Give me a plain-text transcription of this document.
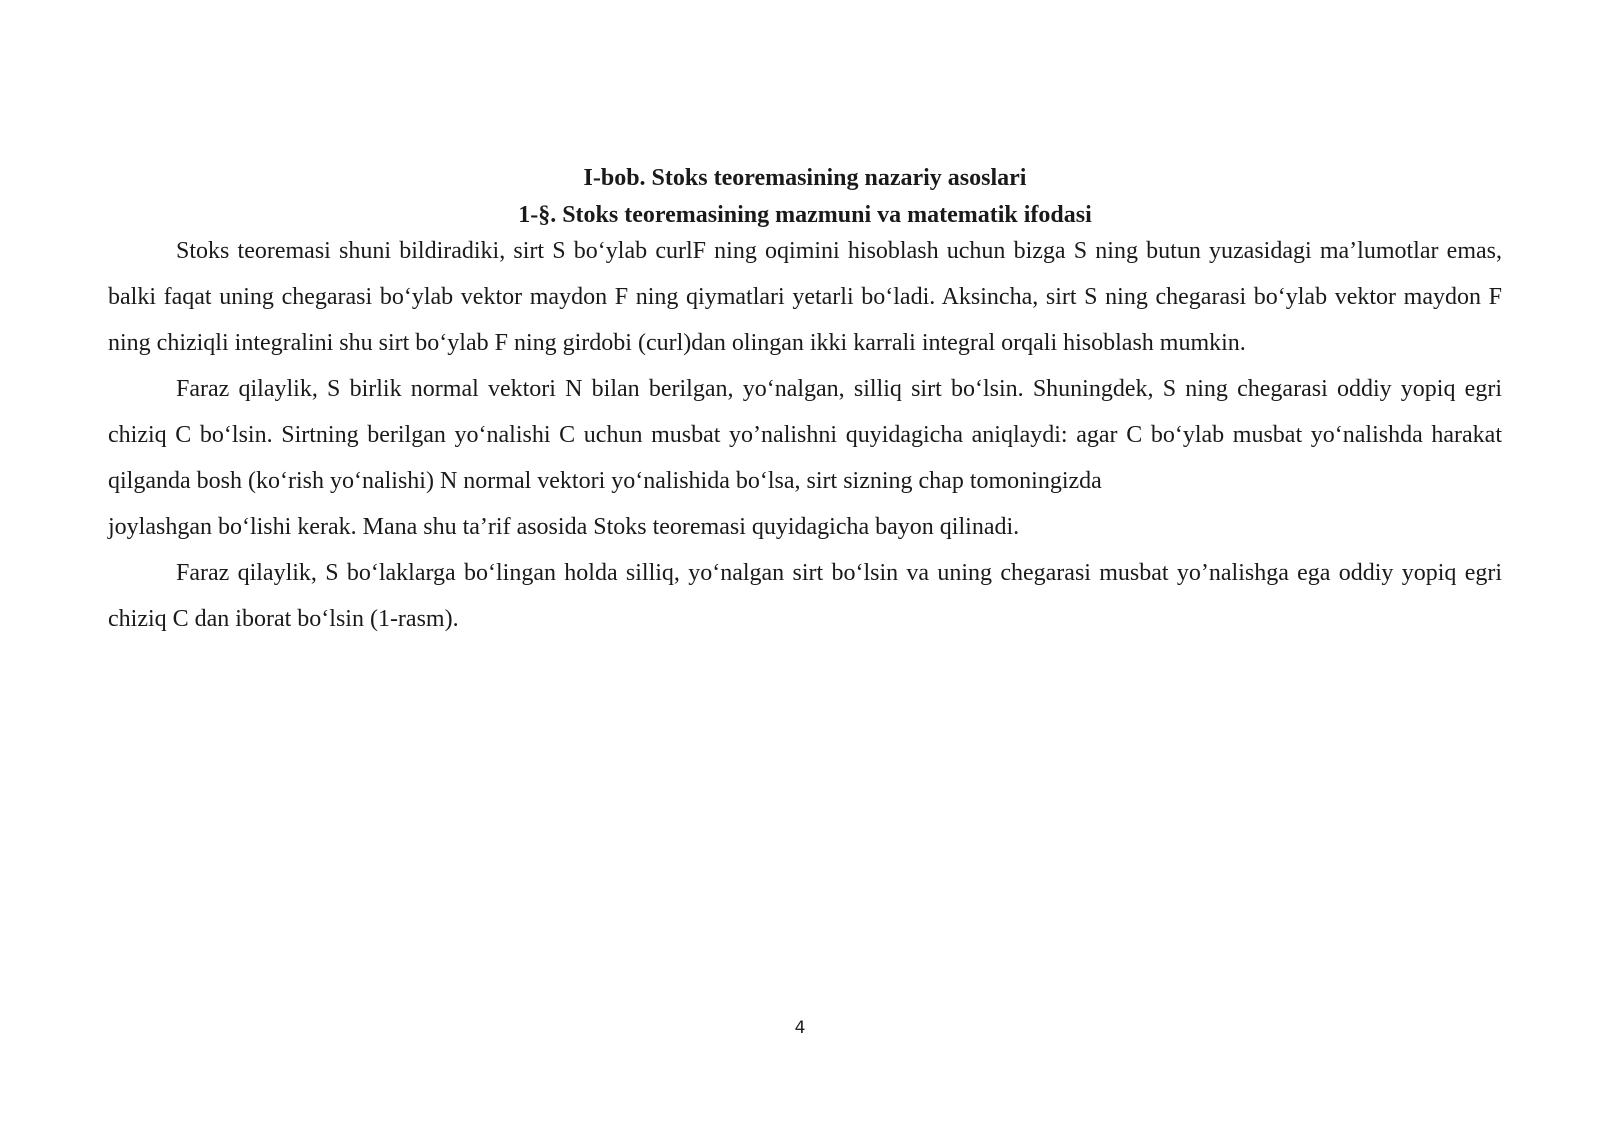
I-bob. Stoks teoremasining nazariy asoslari
1-§. Stoks teoremasining mazmuni va matematik ifodasi

Stoks teoremasi shuni bildiradiki, sirt S bo‘ylab curlF ning oqimini hisoblash uchun bizga S ning butun yuzasidagi ma’lumotlar emas, balki faqat uning chegarasi bo‘ylab vektor maydon F ning qiymatlari yetarli bo‘ladi. Aksincha, sirt S ning chegarasi bo‘ylab vektor maydon F ning chiziqli integralini shu sirt bo‘ylab F ning girdobi (curl)dan olingan ikki karrali integral orqali hisoblash mumkin.

Faraz qilaylik, S birlik normal vektori N bilan berilgan, yo‘nalgan, silliq sirt bo‘lsin. Shuningdek, S ning chegarasi oddiy yopiq egri chiziq C bo‘lsin. Sirtning berilgan yo‘nalishi C uchun musbat yo’nalishni quyidagicha aniqlaydi: agar C bo‘ylab musbat yo‘nalishda harakat qilganda bosh (ko‘rish yo‘nalishi) N normal vektori yo‘nalishida bo‘lsa, sirt sizning chap tomoningizda

joylashgan bo‘lishi kerak. Mana shu ta’rif asosida Stoks teoremasi quyidagicha bayon qilinadi.

Faraz qilaylik, S bo‘laklarga bo‘lingan holda silliq, yo‘nalgan sirt bo‘lsin va uning chegarasi musbat yo’nalishga ega oddiy yopiq egri chiziq C dan iborat bo‘lsin (1-rasm).

4
